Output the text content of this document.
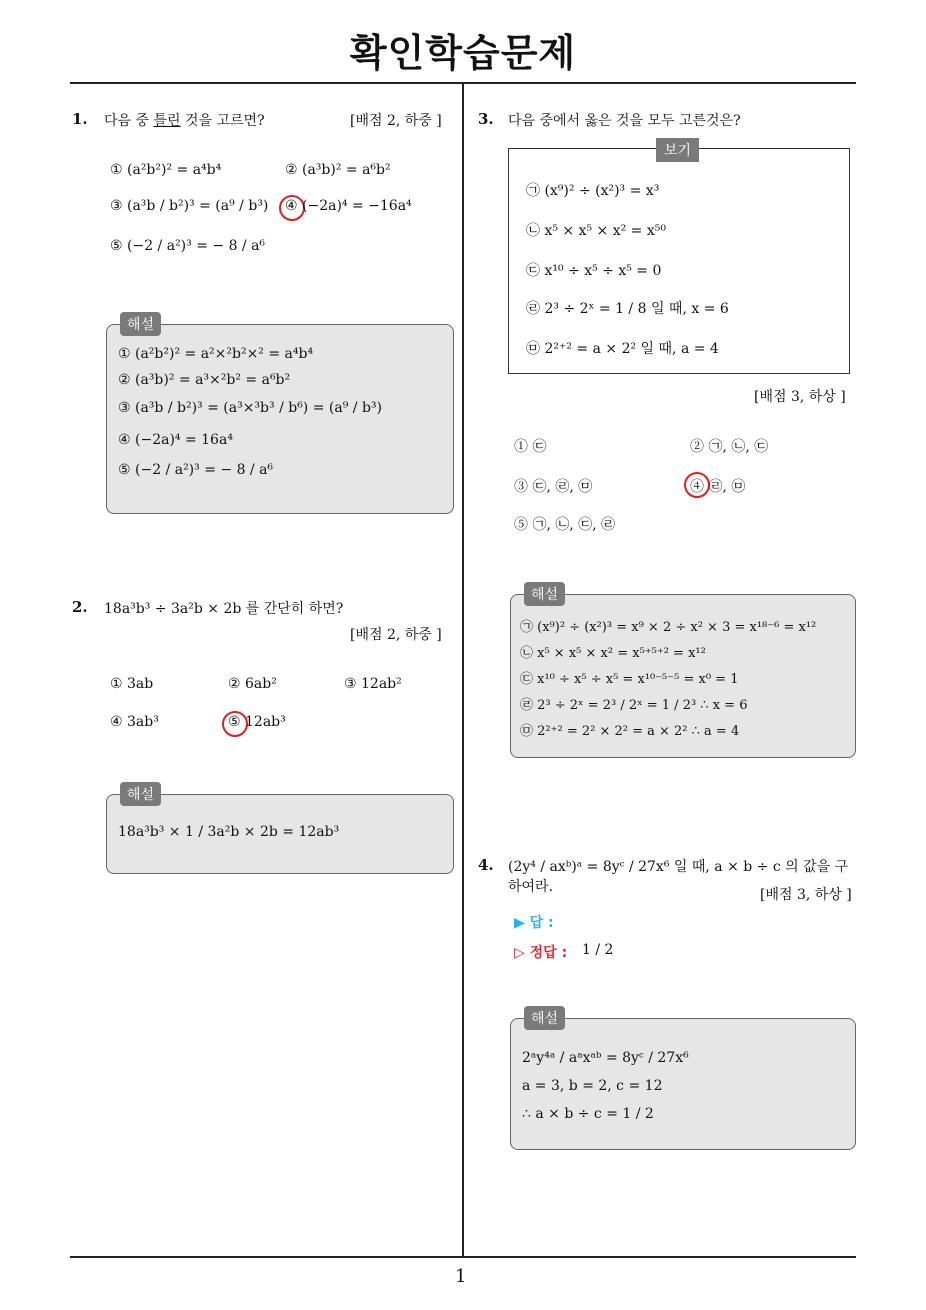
확인학습문제
1
1. 다음 중 틀린 것을 고르면?	[배점 2, 하중 ]
① (a²b²)² = a⁴b⁴	② (a³b)² = a⁶b²
③ (a³b / b²)³ = (a⁹ / b³) ④ (−2a)⁴ = −16a⁴
⑤ (−2 / a²)³ = − 8 / a⁶
해설
① (a²b²)² = a²×²b²×² = a⁴b⁴
② (a³b)² = a³×²b² = a⁶b²
③ (a³b / b²)³ = (a³×³b³ / b⁶) = (a⁹ / b³)
④ (−2a)⁴ = 16a⁴
⑤ (−2 / a²)³ = − 8 / a⁶
2. 18a³b³ ÷ 3a²b × 2b 를 간단히 하면?
[배점 2, 하중 ]
① 3ab	② 6ab²	③ 12ab²
④ 3ab³	⑤ 12ab³
해설
18a³b³ × 1 / 3a²b × 2b = 12ab³
3. 다음 중에서 옳은 것을 모두 고른것은?
보기
㉠ (x⁹)² ÷ (x²)³ = x³
㉡ x⁵ × x⁵ × x² = x⁵⁰
㉢ x¹⁰ ÷ x⁵ ÷ x⁵ = 0
㉣ 2³ ÷ 2ˣ = 1 / 8 일 때, x = 6
㉤ 2²⁺² = a × 2² 일 때, a = 4
[배점 3, 하상 ]
① ㉢	② ㉠, ㉡, ㉢
③ ㉢, ㉣, ㉤	④ ㉣, ㉤
⑤ ㉠, ㉡, ㉢, ㉣
해설
㉠ (x⁹)² ÷ (x²)³ = x⁹ × 2 ÷ x² × 3 = x¹⁸⁻⁶ = x¹²
㉡ x⁵ × x⁵ × x² = x⁵⁺⁵⁺² = x¹²
㉢ x¹⁰ ÷ x⁵ ÷ x⁵ = x¹⁰⁻⁵⁻⁵ = x⁰ = 1
㉣ 2³ ÷ 2ˣ = 2³ / 2ˣ = 1 / 2³ ∴ x = 6
㉤ 2²⁺² = 2² × 2² = a × 2² ∴ a = 4
4. (2y⁴ / axᵇ)ᵃ = 8yᶜ / 27x⁶ 일 때, a × b ÷ c 의 값을 구하여라.	[배점 3, 하상 ]
▶ 답 :
▷ 정답 : 1 / 2
해설
2ᵃy⁴ᵃ / aᵃxᵃᵇ = 8yᶜ / 27x⁶
a = 3, b = 2, c = 12
∴ a × b ÷ c = 1 / 2
